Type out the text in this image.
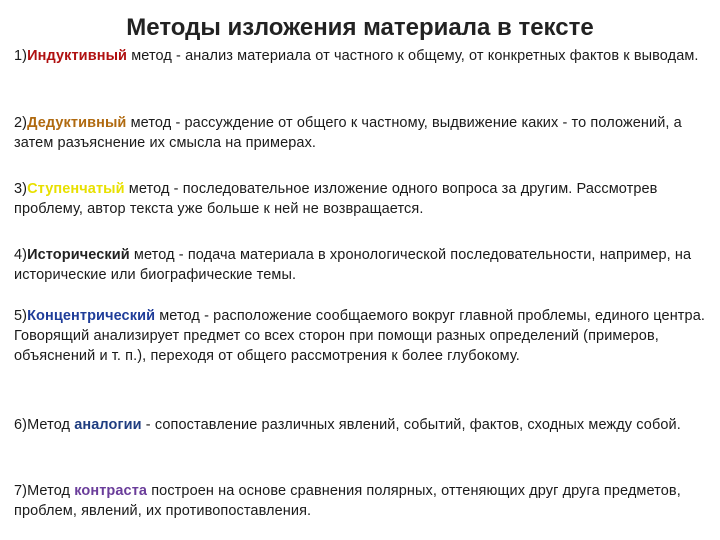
Методы изложения материала в тексте
1)Индуктивный метод - анализ материала от частного к общему, от конкретных фактов к выводам.
2)Дедуктивный метод - рассуждение от общего к частному, выдвижение каких - то положений, а затем разъяснение их смысла на примерах.
3)Ступенчатый метод - последовательное изложение одного вопроса за другим. Рассмотрев проблему, автор текста уже больше к ней не возвращается.
4)Исторический метод - подача материала в хронологической последовательности, например, на исторические или биографические темы.
5)Концентрический метод - расположение сообщаемого вокруг главной проблемы, единого центра. Говорящий анализирует предмет со всех сторон при помощи разных определений (примеров, объяснений и т. п.), переходя от общего рассмотрения к более глубокому.
6)Метод аналогии - сопоставление различных явлений, событий, фактов, сходных между собой.
7)Метод контраста построен на основе сравнения полярных, оттеняющих друг друга предметов, проблем, явлений, их противопоставления.
